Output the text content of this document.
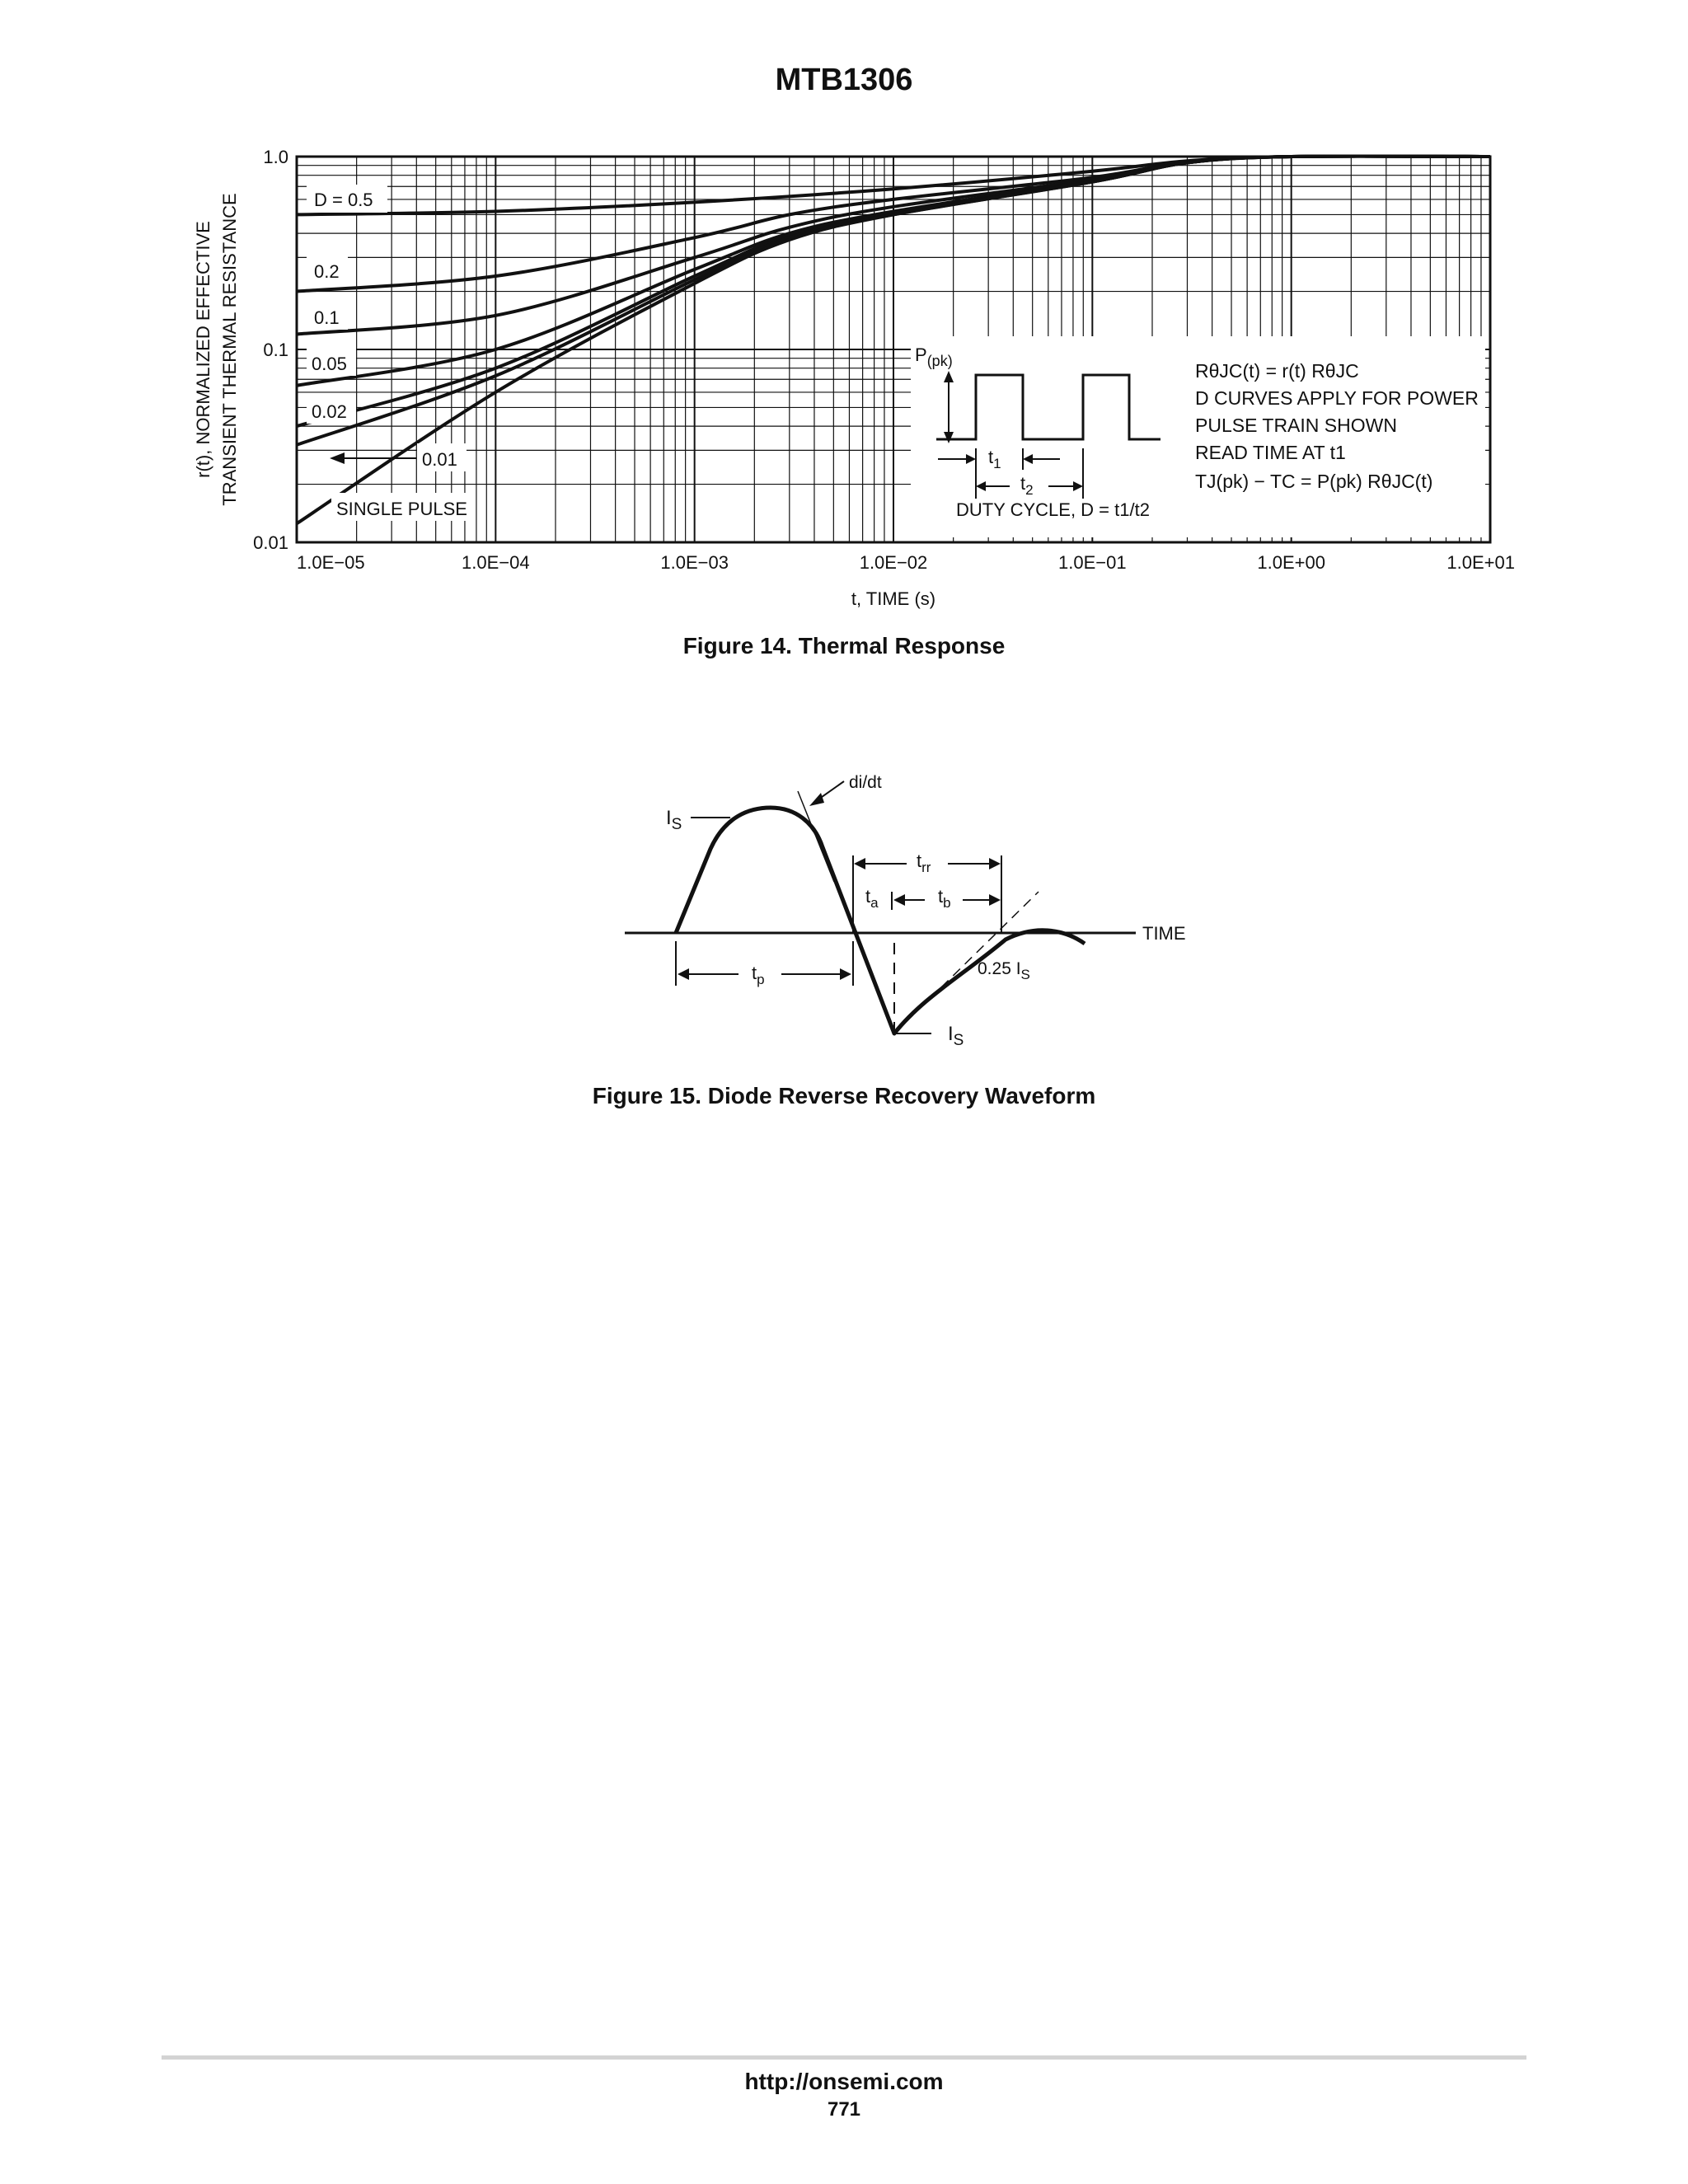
MTB1306
1.0E−05	1.0E−04	1.0E−03	1.0E−02	1.0E−01	1.0E+00	1.0E+01
0.01
0.1
1.0
D = 0.5
0.2
0.1
0.05
0.02
0.01
SINGLE PULSE
$P_{(pk)}$
$t_1$
$t_2$
DUTY CYCLE, D = t1/t2
RθJC(t) = r(t) RθJC
D CURVES APPLY FOR POWER
PULSE TRAIN SHOWN
READ TIME AT t1
TJ(pk) − TC = P(pk) RθJC(t)
t, TIME (s)
r(t), NORMALIZED EFFECTIVE TRANSIENT THERMAL RESISTANCE
Figure 14. Thermal Response
TIME
di/dt
$I_S$
$t_{rr}$
$t_a$	$t_b$
$t_p$
0.25 $I_S$
$I_S$
Figure 15. Diode Reverse Recovery Waveform
http://onsemi.com
771
